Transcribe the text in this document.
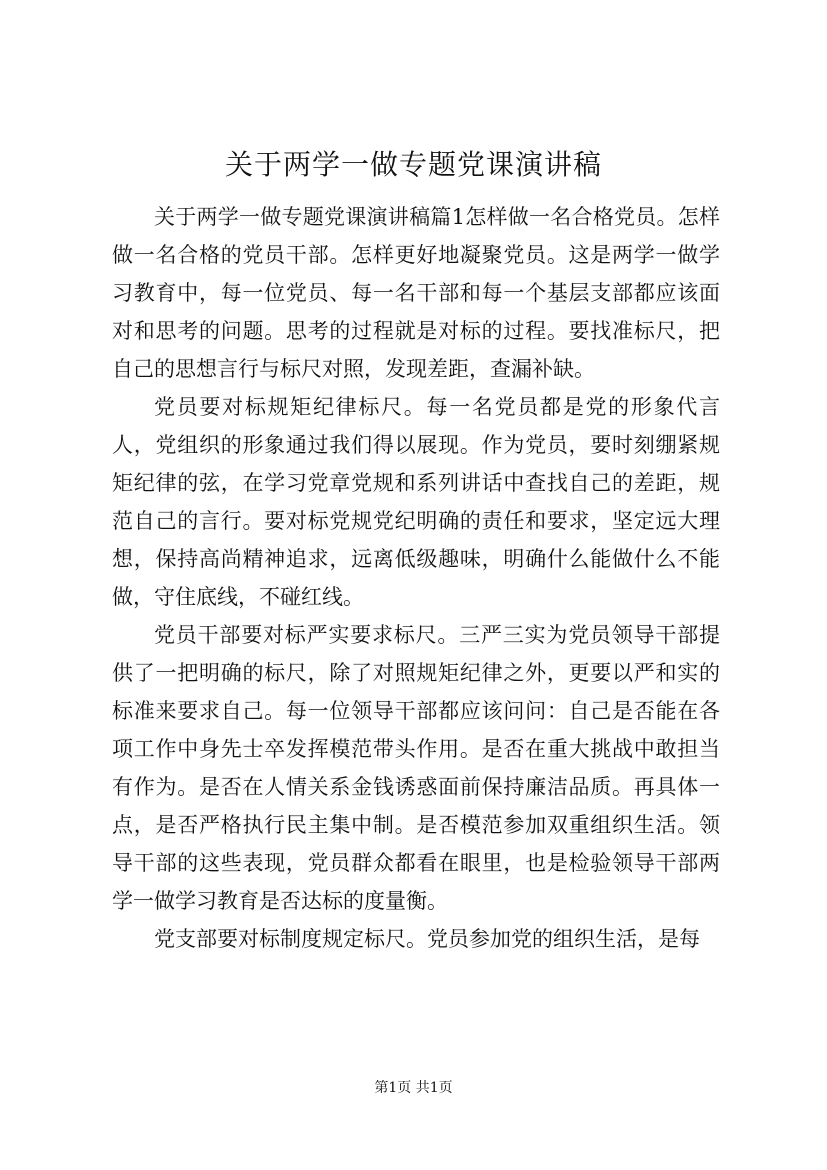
关于两学一做专题党课演讲稿

关于两学一做专题党课演讲稿篇1怎样做一名合格党员。怎样做一名合格的党员干部。怎样更好地凝聚党员。这是两学一做学习教育中，每一位党员、每一名干部和每一个基层支部都应该面对和思考的问题。思考的过程就是对标的过程。要找准标尺，把自己的思想言行与标尺对照，发现差距，查漏补缺。

党员要对标规矩纪律标尺。每一名党员都是党的形象代言人，党组织的形象通过我们得以展现。作为党员，要时刻绷紧规矩纪律的弦，在学习党章党规和系列讲话中查找自己的差距，规范自己的言行。要对标党规党纪明确的责任和要求，坚定远大理想，保持高尚精神追求，远离低级趣味，明确什么能做什么不能做，守住底线，不碰红线。

党员干部要对标严实要求标尺。三严三实为党员领导干部提供了一把明确的标尺，除了对照规矩纪律之外，更要以严和实的标准来要求自己。每一位领导干部都应该问问：自己是否能在各项工作中身先士卒发挥模范带头作用。是否在重大挑战中敢担当有作为。是否在人情关系金钱诱惑面前保持廉洁品质。再具体一点，是否严格执行民主集中制。是否模范参加双重组织生活。领导干部的这些表现，党员群众都看在眼里，也是检验领导干部两学一做学习教育是否达标的度量衡。

党支部要对标制度规定标尺。党员参加党的组织生活，是每

第1页 共1页
